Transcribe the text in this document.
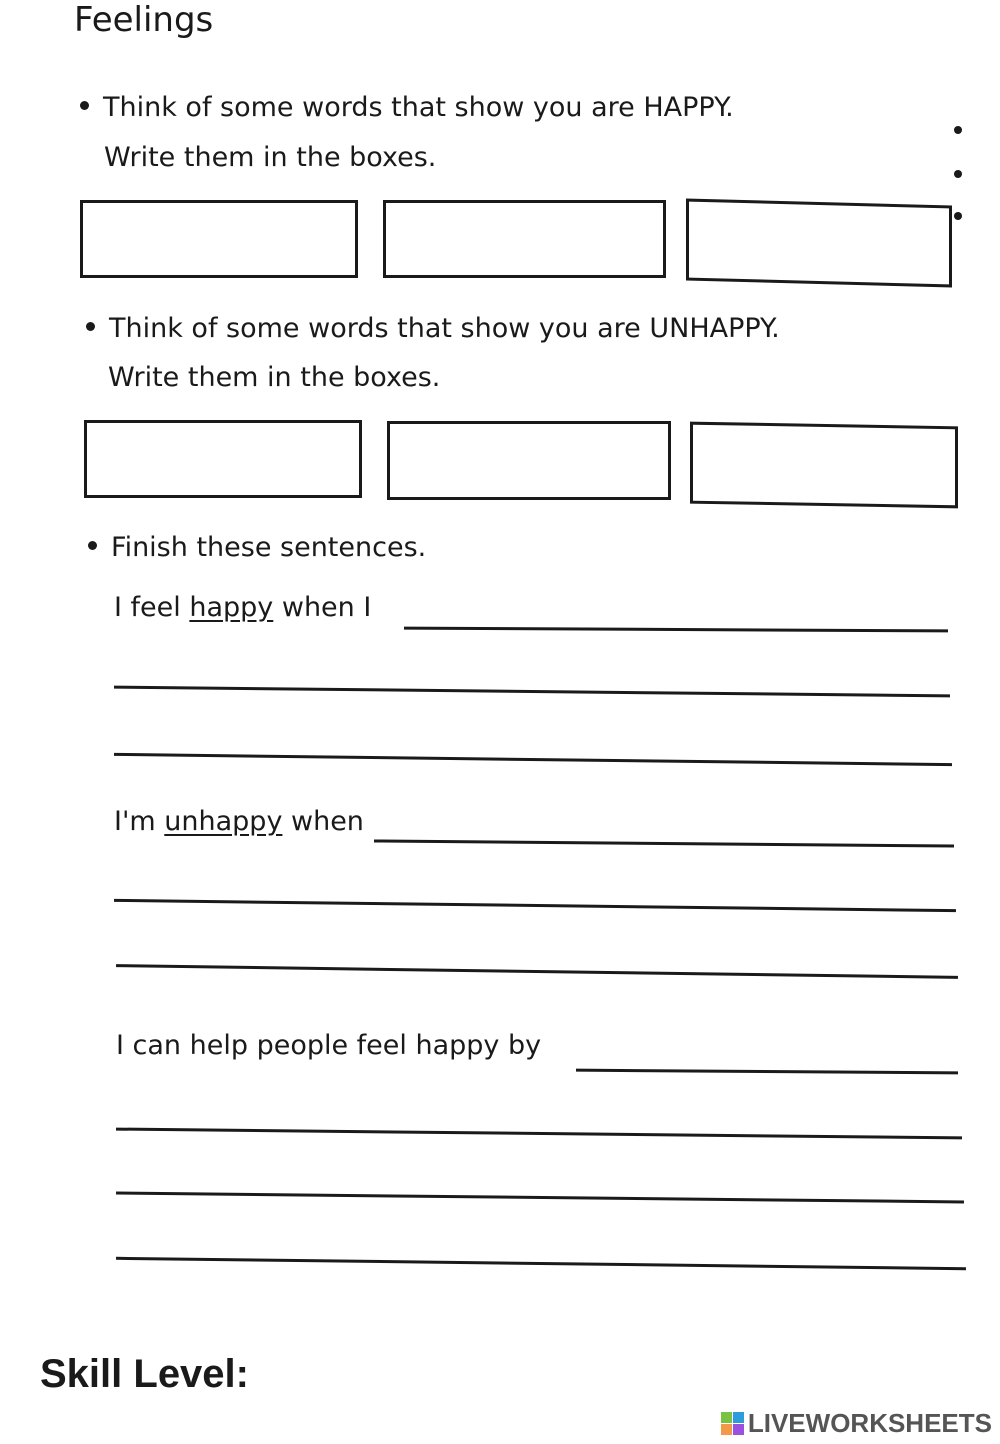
Feelings
Think of some words that show you are HAPPY.
Write them in the boxes.
Think of some words that show you are UNHAPPY.
Write them in the boxes.
Finish these sentences.
I feel happy when I
I'm unhappy when
I can help people feel happy by
Skill Level:
LIVEWORKSHEETS
